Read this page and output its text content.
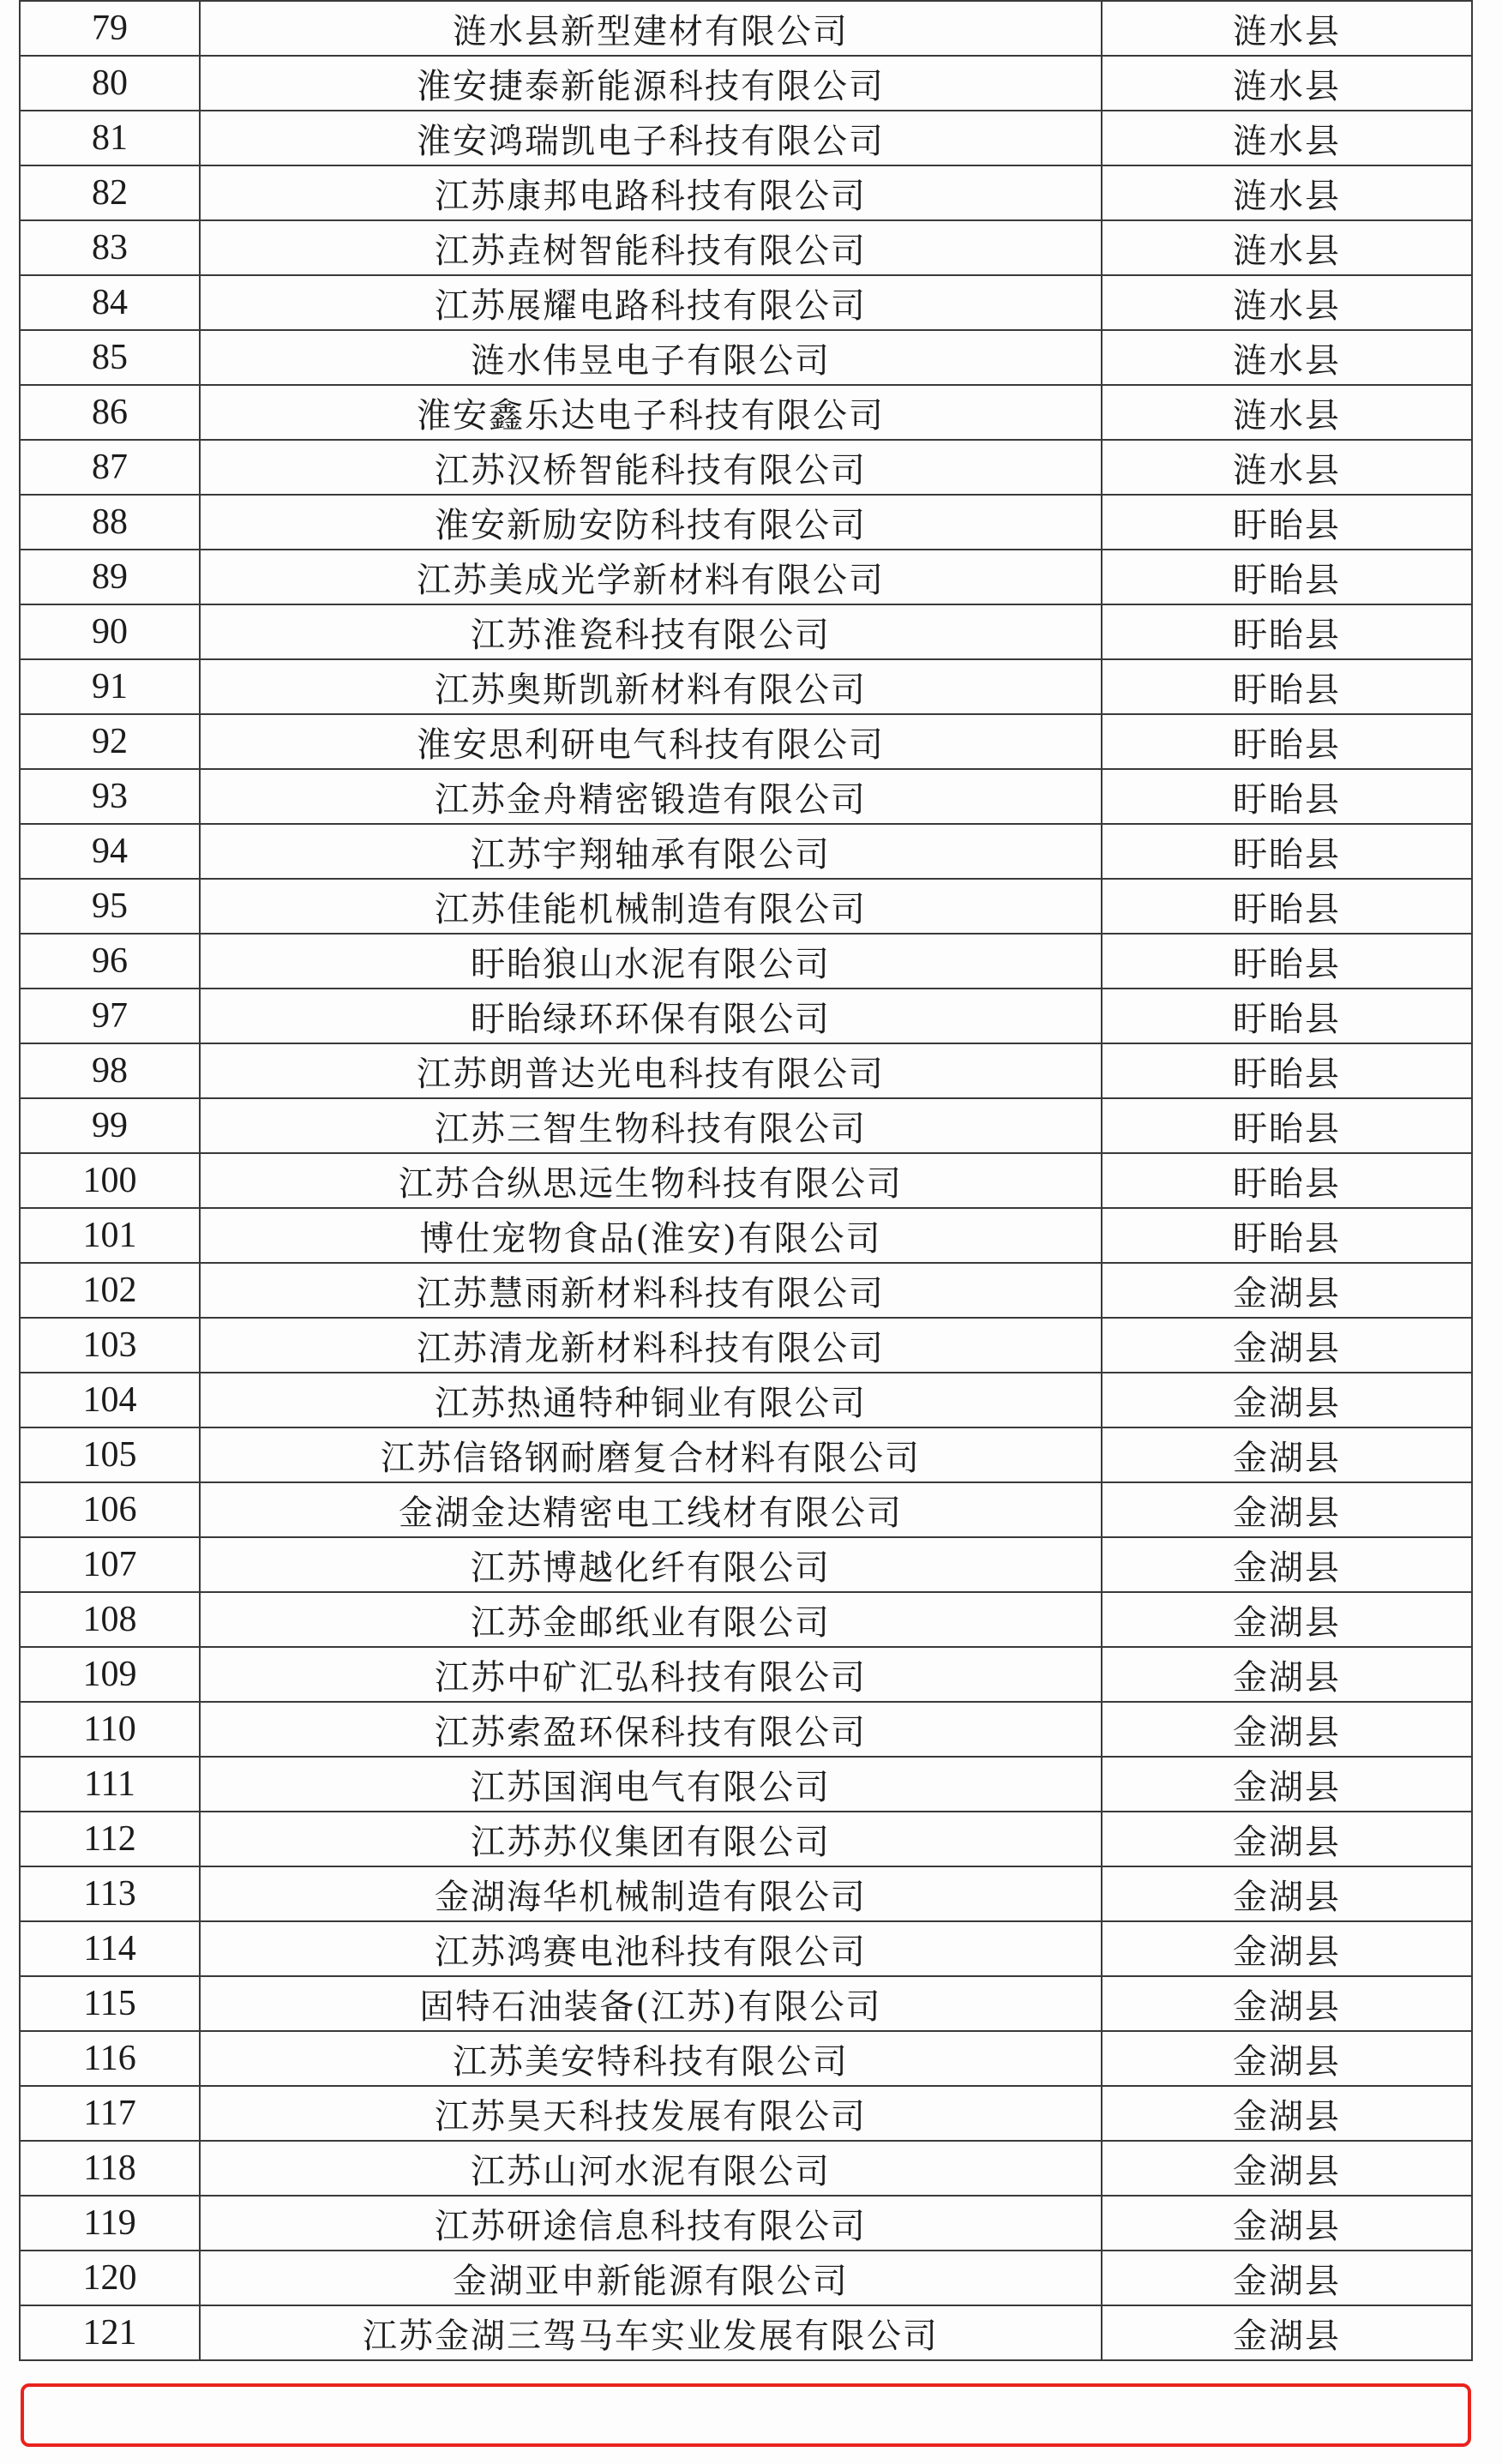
79	涟水县新型建材有限公司	涟水县
80	淮安捷泰新能源科技有限公司	涟水县
81	淮安鸿瑞凯电子科技有限公司	涟水县
82	江苏康邦电路科技有限公司	涟水县
83	江苏垚树智能科技有限公司	涟水县
84	江苏展耀电路科技有限公司	涟水县
85	涟水伟昱电子有限公司	涟水县
86	淮安鑫乐达电子科技有限公司	涟水县
87	江苏汉桥智能科技有限公司	涟水县
88	淮安新励安防科技有限公司	盱眙县
89	江苏美成光学新材料有限公司	盱眙县
90	江苏淮瓷科技有限公司	盱眙县
91	江苏奥斯凯新材料有限公司	盱眙县
92	淮安思利研电气科技有限公司	盱眙县
93	江苏金舟精密锻造有限公司	盱眙县
94	江苏宇翔轴承有限公司	盱眙县
95	江苏佳能机械制造有限公司	盱眙县
96	盱眙狼山水泥有限公司	盱眙县
97	盱眙绿环环保有限公司	盱眙县
98	江苏朗普达光电科技有限公司	盱眙县
99	江苏三智生物科技有限公司	盱眙县
100	江苏合纵思远生物科技有限公司	盱眙县
101	博仕宠物食品(淮安)有限公司	盱眙县
102	江苏慧雨新材料科技有限公司	金湖县
103	江苏清龙新材料科技有限公司	金湖县
104	江苏热通特种铜业有限公司	金湖县
105	江苏信铬钢耐磨复合材料有限公司	金湖县
106	金湖金达精密电工线材有限公司	金湖县
107	江苏博越化纤有限公司	金湖县
108	江苏金邮纸业有限公司	金湖县
109	江苏中矿汇弘科技有限公司	金湖县
110	江苏索盈环保科技有限公司	金湖县
111	江苏国润电气有限公司	金湖县
112	江苏苏仪集团有限公司	金湖县
113	金湖海华机械制造有限公司	金湖县
114	江苏鸿赛电池科技有限公司	金湖县
115	固特石油装备(江苏)有限公司	金湖县
116	江苏美安特科技有限公司	金湖县
117	江苏昊天科技发展有限公司	金湖县
118	江苏山河水泥有限公司	金湖县
119	江苏研途信息科技有限公司	金湖县
120	金湖亚申新能源有限公司	金湖县
121	江苏金湖三驾马车实业发展有限公司	金湖县
